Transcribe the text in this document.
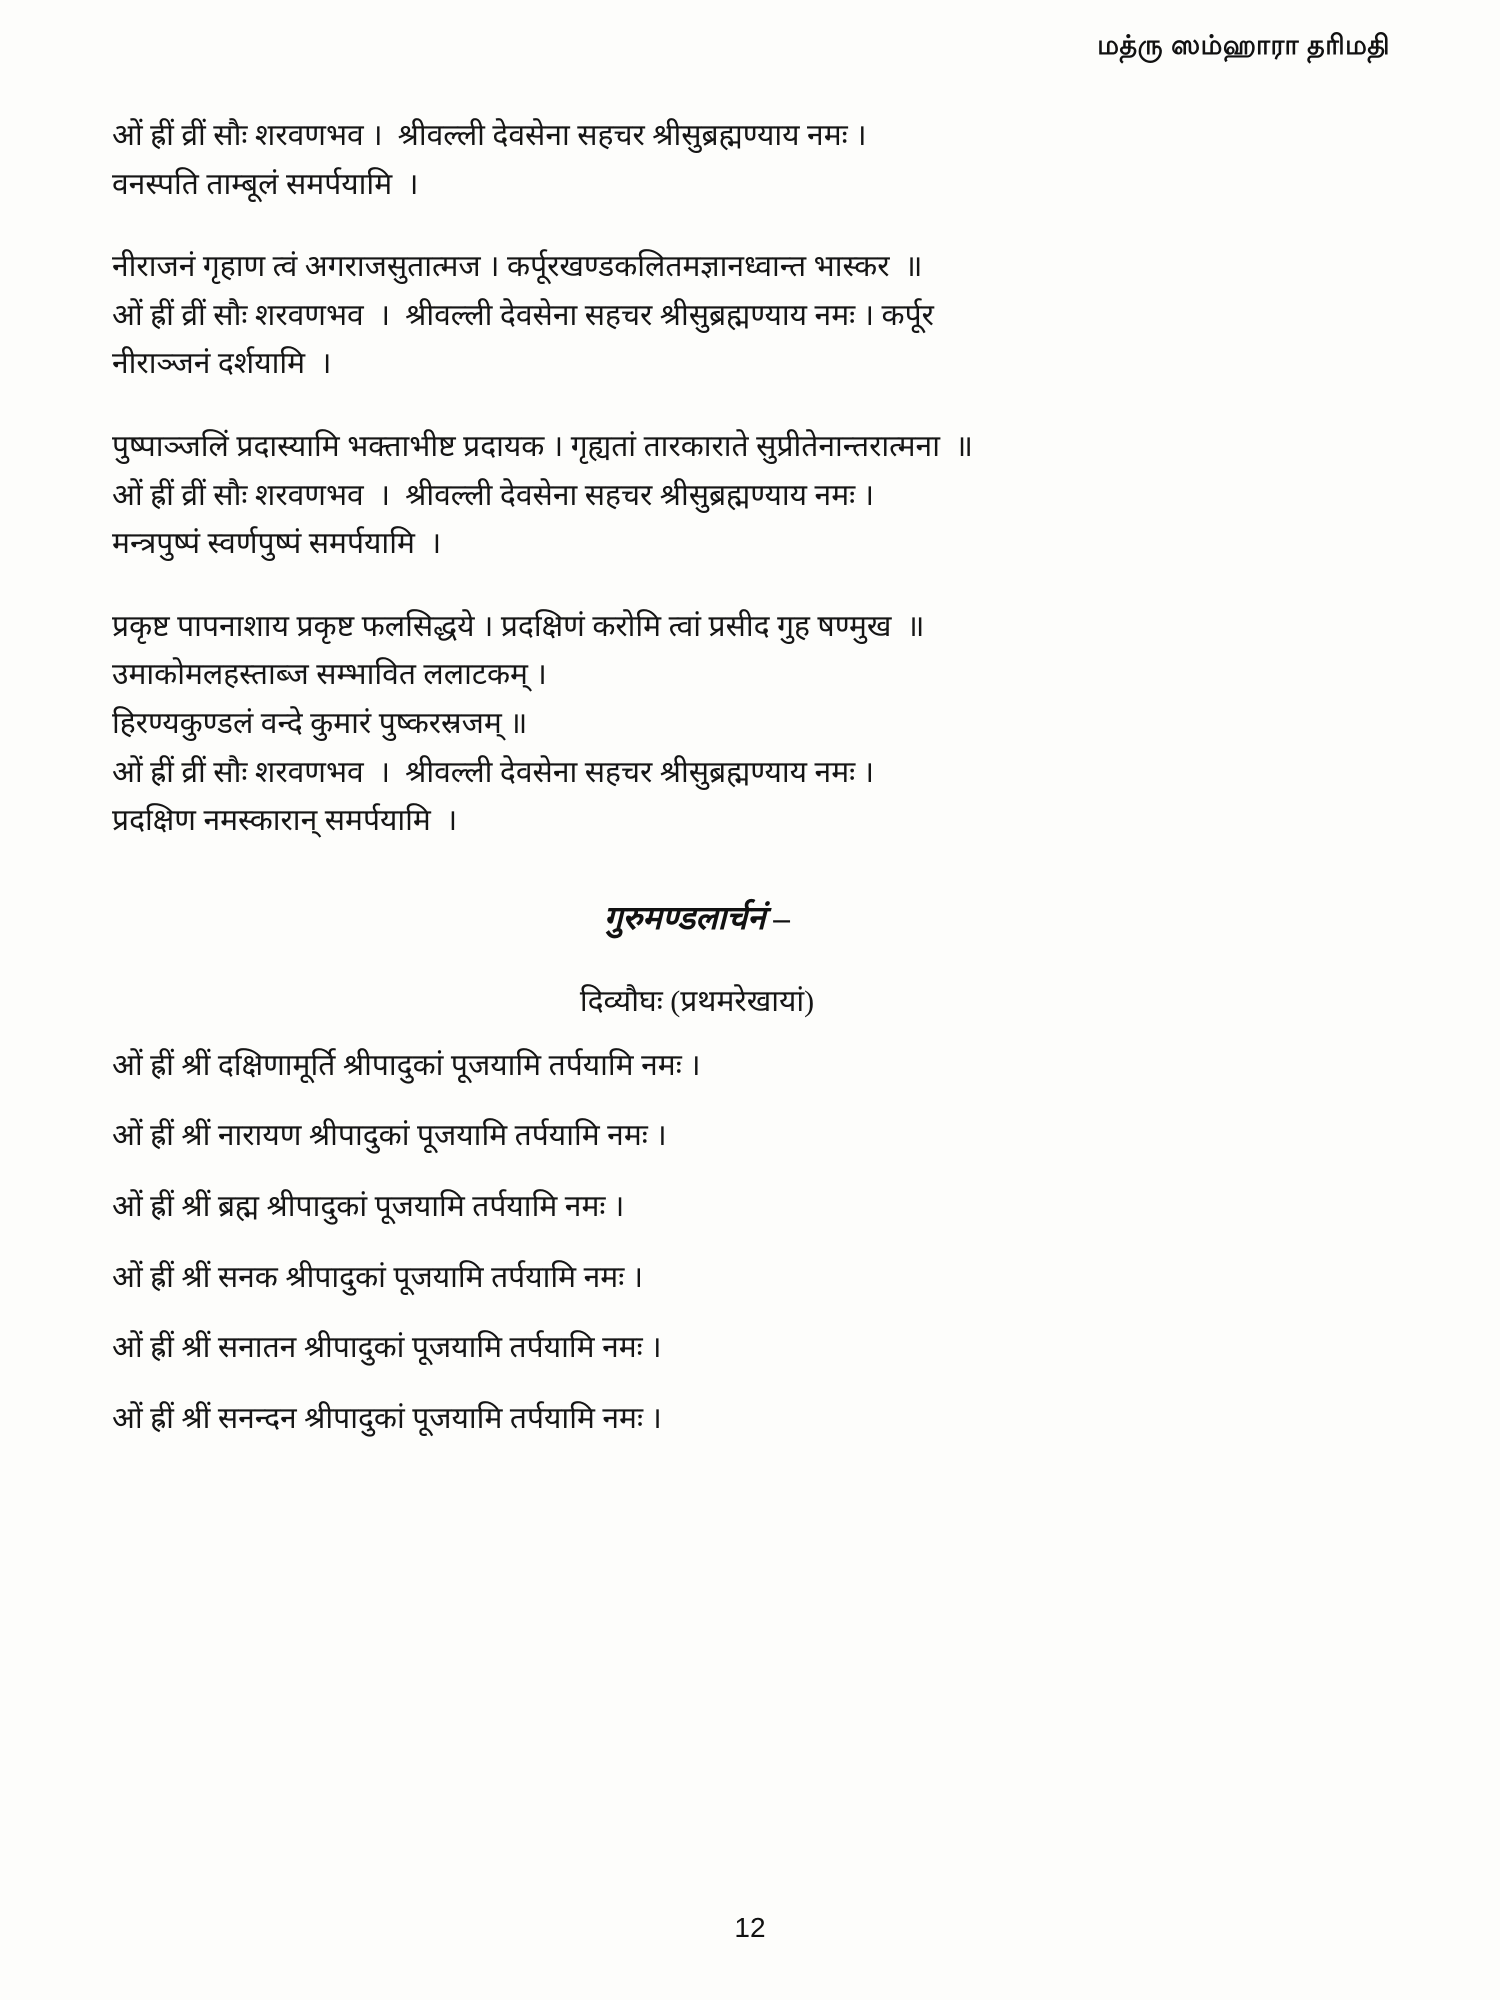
மத்ரு ஸம்ஹாரா தரிமதி
ओं ह्रीं व्रीं सौः शरवणभव ।  श्रीवल्ली देवसेना सहचर श्रीसुब्रह्मण्याय नमः ।
वनस्पति ताम्बूलं समर्पयामि  ।
नीराजनं गृहाण त्वं अगराजसुतात्मज । कर्पूरखण्डकलितमज्ञानध्वान्त भास्कर  ॥
ओं ह्रीं व्रीं सौः शरवणभव  ।  श्रीवल्ली देवसेना सहचर श्रीसुब्रह्मण्याय नमः । कर्पूर
नीराञ्जनं दर्शयामि  ।
पुष्पाञ्जलिं प्रदास्यामि भक्ताभीष्ट प्रदायक । गृह्यतां तारकाराते सुप्रीतेनान्तरात्मना  ॥
ओं ह्रीं व्रीं सौः शरवणभव  ।  श्रीवल्ली देवसेना सहचर श्रीसुब्रह्मण्याय नमः ।
मन्त्रपुष्पं स्वर्णपुष्पं समर्पयामि  ।
प्रकृष्ट पापनाशाय प्रकृष्ट फलसिद्धये । प्रदक्षिणं करोमि त्वां प्रसीद गुह षण्मुख  ॥
उमाकोमलहस्ताब्ज सम्भावित ललाटकम् ।
हिरण्यकुण्डलं वन्दे कुमारं पुष्करस्रजम् ॥
ओं ह्रीं व्रीं सौः शरवणभव  ।  श्रीवल्ली देवसेना सहचर श्रीसुब्रह्मण्याय नमः ।
प्रदक्षिण नमस्कारान् समर्पयामि  ।
गुरुमण्डलार्चनं –
दिव्यौघः (प्रथमरेखायां)
ओं ह्रीं श्रीं दक्षिणामूर्ति श्रीपादुकां पूजयामि तर्पयामि नमः ।
ओं ह्रीं श्रीं नारायण श्रीपादुकां पूजयामि तर्पयामि नमः ।
ओं ह्रीं श्रीं ब्रह्म श्रीपादुकां पूजयामि तर्पयामि नमः ।
ओं ह्रीं श्रीं सनक श्रीपादुकां पूजयामि तर्पयामि नमः ।
ओं ह्रीं श्रीं सनातन श्रीपादुकां पूजयामि तर्पयामि नमः ।
ओं ह्रीं श्रीं सनन्दन श्रीपादुकां पूजयामि तर्पयामि नमः ।
12
